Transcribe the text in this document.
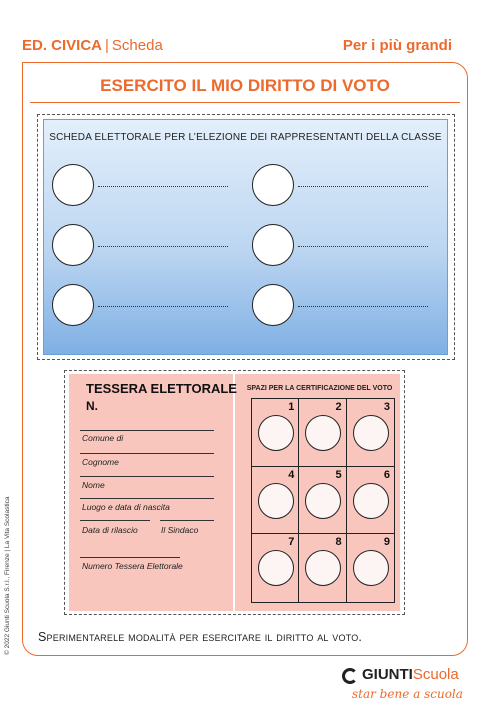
ED. CIVICA | Scheda	Per i più grandi
ESERCITO IL MIO DIRITTO DI VOTO
SCHEDA ELETTORALE PER L’ELEZIONE DEI RAPPRESENTANTI DELLA CLASSE
TESSERA ELETTORALE
N.
Comune di
Cognome
Nome
Luogo e data di nascita
Data di rilascio	Il Sindaco
Numero Tessera Elettorale
SPAZI PER LA CERTIFICAZIONE DEL VOTO
1	2	3
4	5	6
7	8	9
Sperimentarele modalità per esercitare il diritto al voto.
© 2022 Giunti Scuola S.r.l., Firenze | La Vita Scolastica
GIUNTIScuola
star bene a scuola
